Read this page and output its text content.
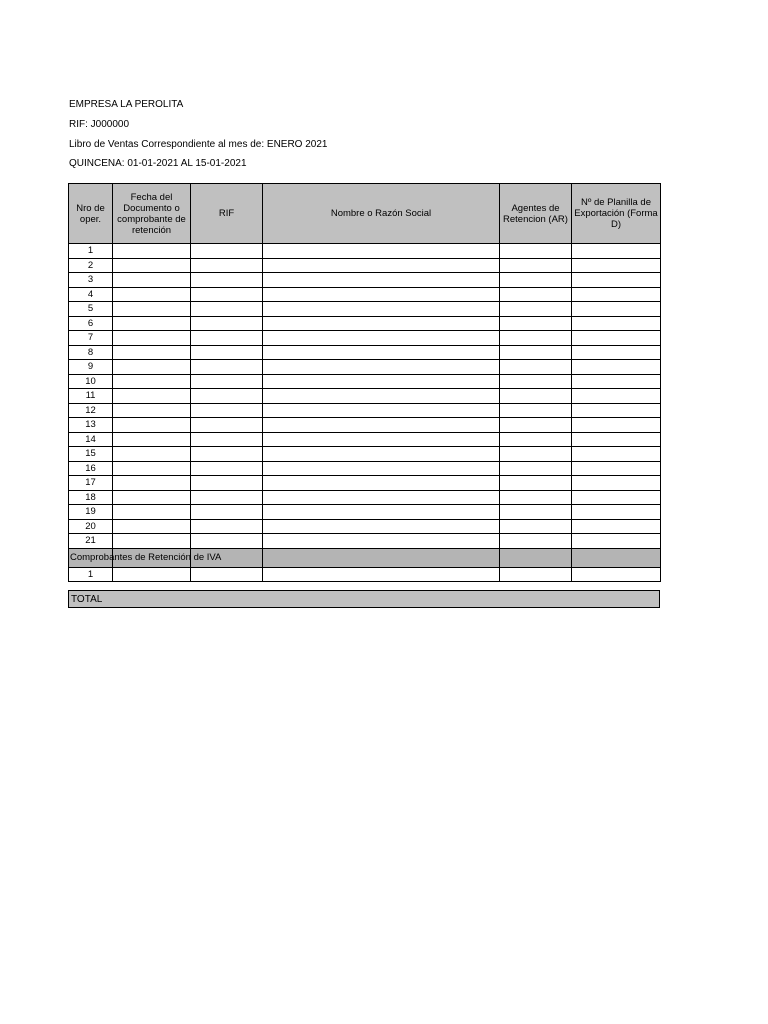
EMPRESA LA PEROLITA
RIF: J000000
Libro de Ventas Correspondiente al mes de: ENERO 2021
QUINCENA: 01-01-2021 AL 15-01-2021
Nro de oper.	Fecha del Documento o comprobante de retención	RIF	Nombre o Razón Social	Agentes de Retencion (AR)	Nº de Planilla de Exportación (Forma D)
1					
2					
3					
4					
5					
6					
7					
8					
9					
10					
11					
12					
13					
14					
15					
16					
17					
18					
19					
20					
21					

Comprobantes de Retención de IVA					

1					
TOTAL
